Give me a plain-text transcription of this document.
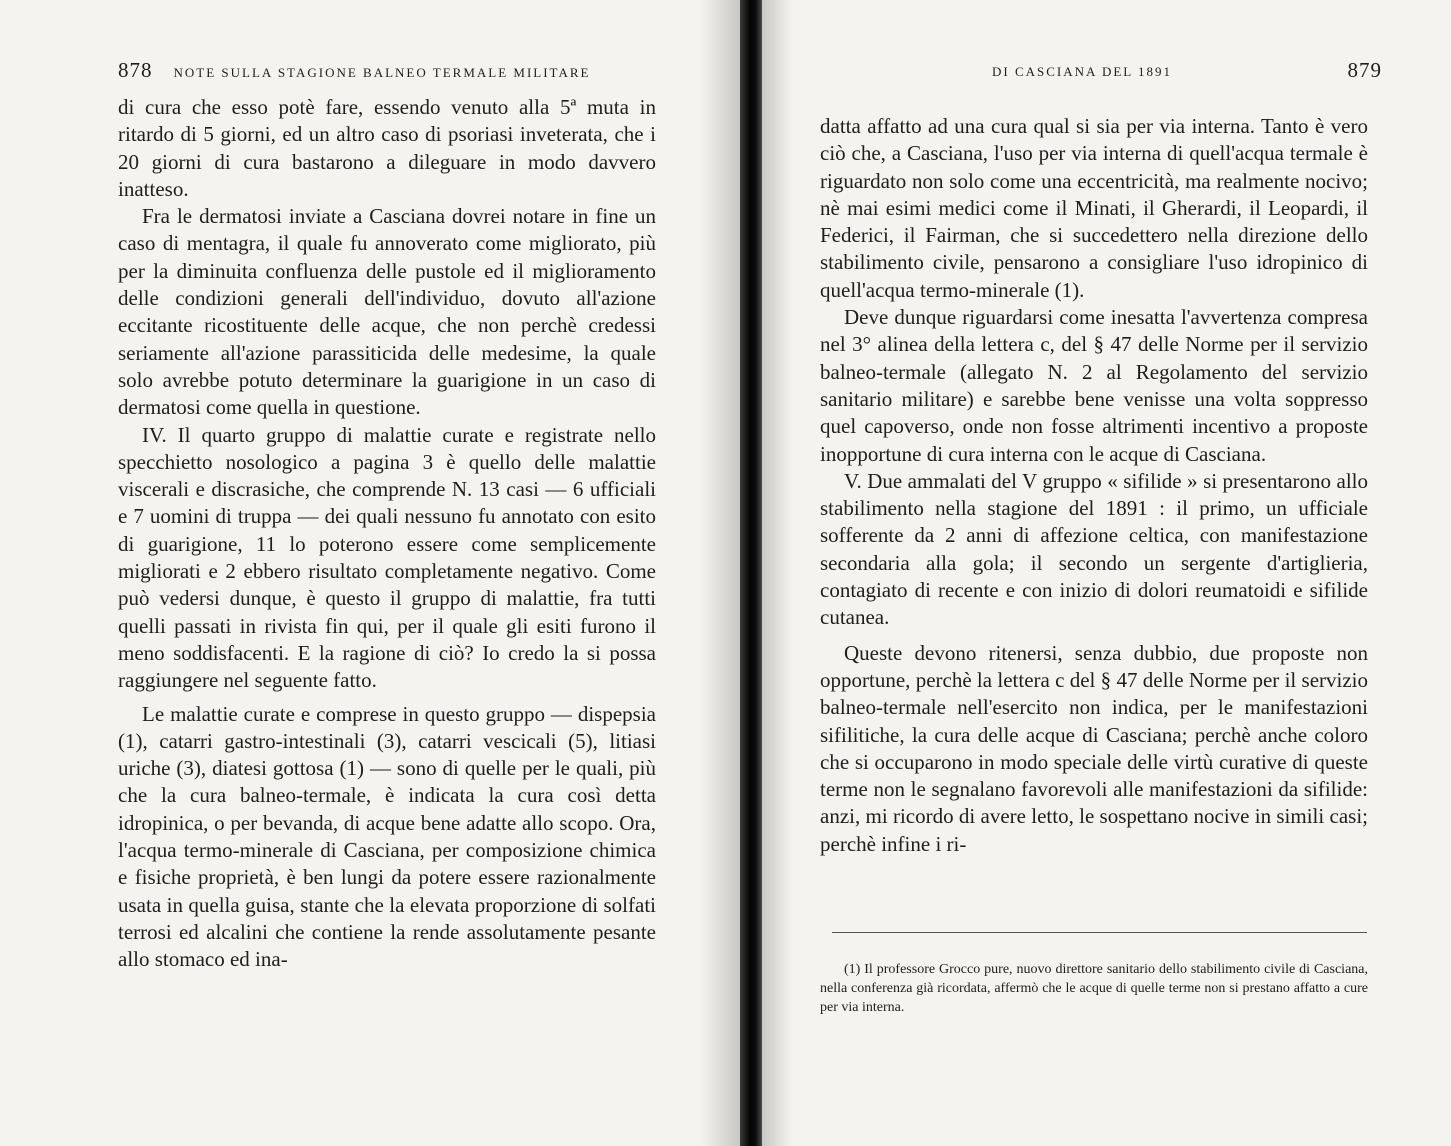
878 NOTE SULLA STAGIONE BALNEO TERMALE MILITARE

di cura che esso potè fare, essendo venuto alla 5ª muta in ritardo di 5 giorni, ed un altro caso di psoriasi inveterata, che i 20 giorni di cura bastarono a dileguare in modo davvero inatteso.

Fra le dermatosi inviate a Casciana dovrei notare in fine un caso di mentagra, il quale fu annoverato come migliorato, più per la diminuita confluenza delle pustole ed il miglioramento delle condizioni generali dell'individuo, dovuto all'azione eccitante ricostituente delle acque, che non perchè credessi seriamente all'azione parassiticida delle medesime, la quale solo avrebbe potuto determinare la guarigione in un caso di dermatosi come quella in questione.

IV. Il quarto gruppo di malattie curate e registrate nello specchietto nosologico a pagina 3 è quello delle malattie viscerali e discrasiche, che comprende N. 13 casi — 6 ufficiali e 7 uomini di truppa — dei quali nessuno fu annotato con esito di guarigione, 11 lo poterono essere come semplicemente migliorati e 2 ebbero risultato completamente negativo. Come può vedersi dunque, è questo il gruppo di malattie, fra tutti quelli passati in rivista fin qui, per il quale gli esiti furono il meno soddisfacenti. E la ragione di ciò? Io credo la si possa raggiungere nel seguente fatto.

Le malattie curate e comprese in questo gruppo — dispepsia (1), catarri gastro-intestinali (3), catarri vescicali (5), litiasi uriche (3), diatesi gottosa (1) — sono di quelle per le quali, più che la cura balneo-termale, è indicata la cura così detta idropinica, o per bevanda, di acque bene adatte allo scopo. Ora, l'acqua termo-minerale di Casciana, per composizione chimica e fisiche proprietà, è ben lungi da potere essere razionalmente usata in quella guisa, stante che la elevata proporzione di solfati terrosi ed alcalini che contiene la rende assolutamente pesante allo stomaco ed ina-

DI CASCIANA DEL 1891	879

datta affatto ad una cura qual si sia per via interna. Tanto è vero ciò che, a Casciana, l'uso per via interna di quell'acqua termale è riguardato non solo come una eccentricità, ma realmente nocivo; nè mai esimi medici come il Minati, il Gherardi, il Leopardi, il Federici, il Fairman, che si succedettero nella direzione dello stabilimento civile, pensarono a consigliare l'uso idropinico di quell'acqua termo-minerale (1).

Deve dunque riguardarsi come inesatta l'avvertenza compresa nel 3° alinea della lettera c, del § 47 delle Norme per il servizio balneo-termale (allegato N. 2 al Regolamento del servizio sanitario militare) e sarebbe bene venisse una volta soppresso quel capoverso, onde non fosse altrimenti incentivo a proposte inopportune di cura interna con le acque di Casciana.

V. Due ammalati del V gruppo « sifilide » si presentarono allo stabilimento nella stagione del 1891 : il primo, un ufficiale sofferente da 2 anni di affezione celtica, con manifestazione secondaria alla gola; il secondo un sergente d'artiglieria, contagiato di recente e con inizio di dolori reumatoidi e sifilide cutanea.

Queste devono ritenersi, senza dubbio, due proposte non opportune, perchè la lettera c del § 47 delle Norme per il servizio balneo-termale nell'esercito non indica, per le manifestazioni sifilitiche, la cura delle acque di Casciana; perchè anche coloro che si occuparono in modo speciale delle virtù curative di queste terme non le segnalano favorevoli alle manifestazioni da sifilide: anzi, mi ricordo di avere letto, le sospettano nocive in simili casi; perchè infine i ri-

(1) Il professore Grocco pure, nuovo direttore sanitario dello stabilimento civile di Casciana, nella conferenza già ricordata, affermò che le acque di quelle terme non si prestano affatto a cure per via interna.
